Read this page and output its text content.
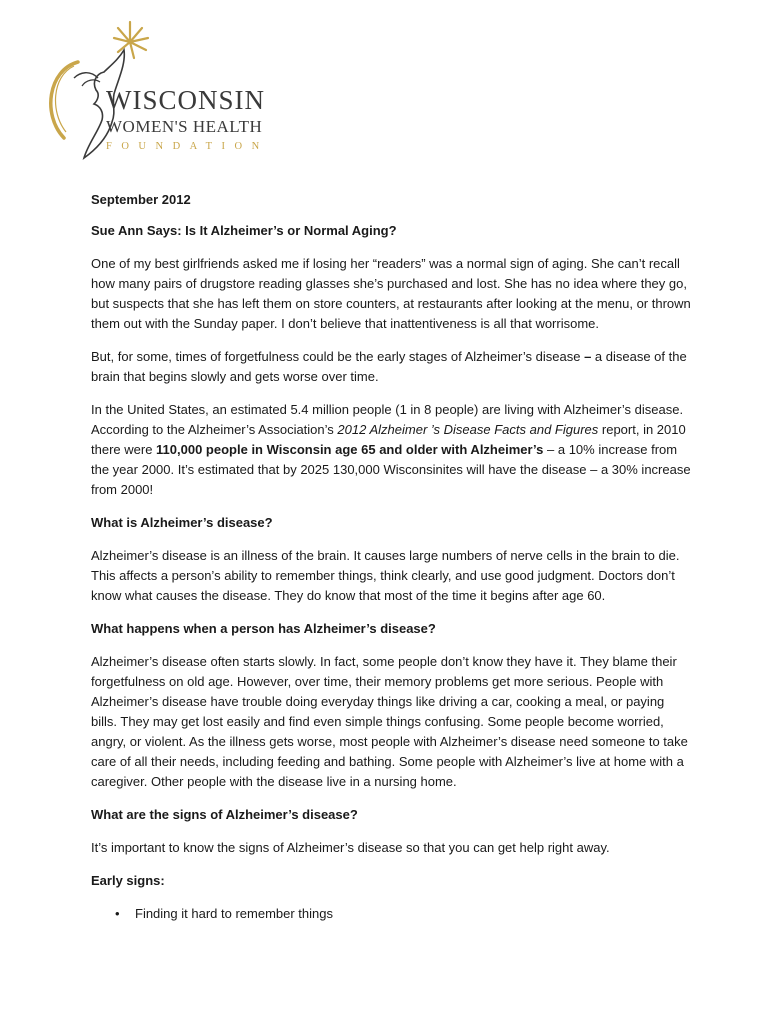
WISCONSIN
WOMEN'S HEALTH
FOUNDATION

September 2012

Sue Ann Says: Is It Alzheimer’s or Normal Aging?

One of my best girlfriends asked me if losing her “readers” was a normal sign of aging. She can’t recall how many pairs of drugstore reading glasses she’s purchased and lost. She has no idea where they go, but suspects that she has left them on store counters, at restaurants after looking at the menu, or thrown them out with the Sunday paper. I don’t believe that inattentiveness is all that worrisome.

But, for some, times of forgetfulness could be the early stages of Alzheimer’s disease – a disease of the brain that begins slowly and gets worse over time.

In the United States, an estimated 5.4 million people (1 in 8 people) are living with Alzheimer’s disease. According to the Alzheimer’s Association’s 2012 Alzheimer ’s Disease Facts and Figures report, in 2010 there were 110,000 people in Wisconsin age 65 and older with Alzheimer’s – a 10% increase from the year 2000. It’s estimated that by 2025 130,000 Wisconsinites will have the disease – a 30% increase from 2000!

What is Alzheimer’s disease?

Alzheimer’s disease is an illness of the brain. It causes large numbers of nerve cells in the brain to die. This affects a person’s ability to remember things, think clearly, and use good judgment. Doctors don’t know what causes the disease. They do know that most of the time it begins after age 60.

What happens when a person has Alzheimer’s disease?

Alzheimer’s disease often starts slowly. In fact, some people don’t know they have it. They blame their forgetfulness on old age. However, over time, their memory problems get more serious. People with Alzheimer’s disease have trouble doing everyday things like driving a car, cooking a meal, or paying bills. They may get lost easily and find even simple things confusing. Some people become worried, angry, or violent. As the illness gets worse, most people with Alzheimer’s disease need someone to take care of all their needs, including feeding and bathing. Some people with Alzheimer’s live at home with a caregiver. Other people with the disease live in a nursing home.

What are the signs of Alzheimer’s disease?

It’s important to know the signs of Alzheimer’s disease so that you can get help right away.

Early signs:

• Finding it hard to remember things
